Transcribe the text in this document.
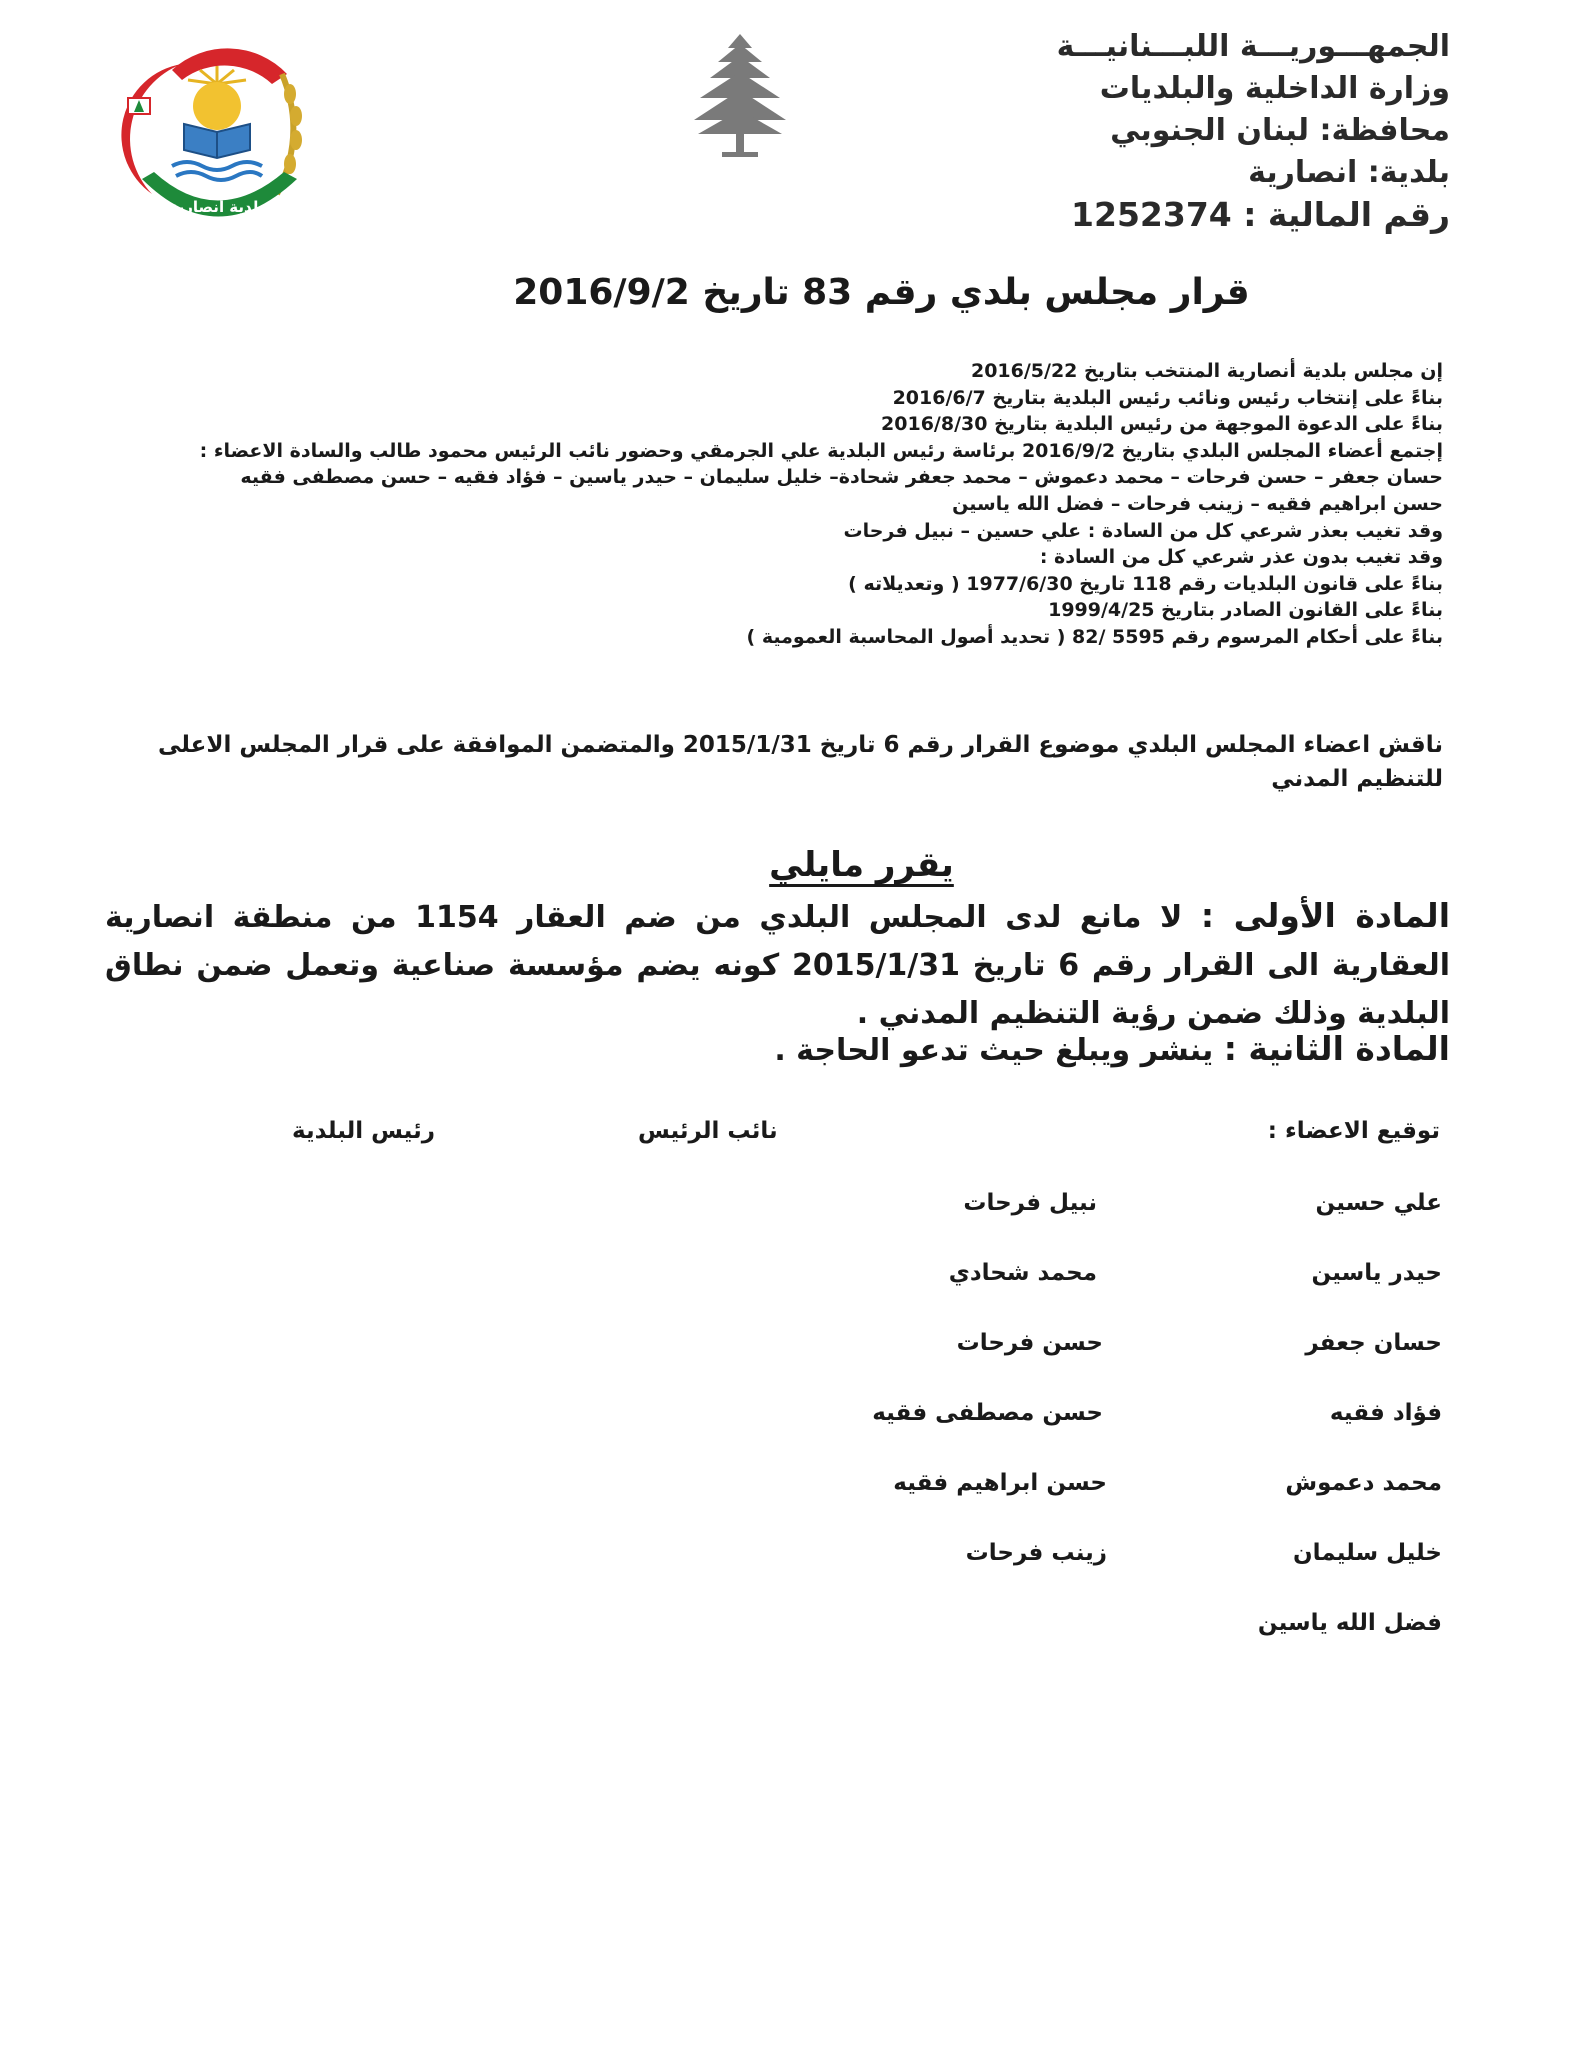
بلدية أنصارية
الجمهـــوريـــة اللبـــنانيـــة
وزارة الداخلية والبلديات
محافظة: لبنان الجنوبي
بلدية: انصارية
رقم المالية : 1252374
قرار مجلس بلدي رقم 83 تاريخ 2016/9/2
إن مجلس بلدية أنصارية المنتخب بتاريخ 2016/5/22
بناءً على إنتخاب رئيس ونائب رئيس البلدية بتاريخ 2016/6/7
بناءً على الدعوة الموجهة من رئيس البلدية بتاريخ 2016/8/30
إجتمع أعضاء المجلس البلدي بتاريخ 2016/9/2 برئاسة رئيس البلدية علي الجرمقي وحضور نائب الرئيس محمود طالب والسادة الاعضاء :
حسان جعفر – حسن فرحات – محمد دعموش – محمد جعفر شحادة– خليل سليمان – حيدر ياسين – فؤاد فقيه – حسن مصطفى فقيه
حسن ابراهيم فقيه – زينب فرحات – فضل الله ياسين
وقد تغيب بعذر شرعي كل من السادة : علي حسين – نبيل فرحات
وقد تغيب بدون عذر شرعي كل من السادة :
بناءً على قانون البلديات رقم 118 تاريخ 1977/6/30 ( وتعديلاته )
بناءً على القانون الصادر بتاريخ 1999/4/25
بناءً على أحكام المرسوم رقم 5595 /82 ( تحديد أصول المحاسبة العمومية )
ناقش اعضاء المجلس البلدي موضوع القرار رقم 6 تاريخ 2015/1/31 والمتضمن الموافقة على قرار المجلس الاعلى للتنظيم المدني
يقرر مايلي
المادة الأولى : لا مانع لدى المجلس البلدي من ضم العقار 1154 من منطقة انصارية العقارية الى القرار رقم 6 تاريخ 2015/1/31 كونه يضم مؤسسة صناعية وتعمل ضمن نطاق البلدية وذلك ضمن رؤية التنظيم المدني .
المادة الثانية : ينشر ويبلغ حيث تدعو الحاجة .
توقيع الاعضاء :
نائب الرئيس
رئيس البلدية
علي حسين
حيدر ياسين
حسان جعفر
فؤاد فقيه
محمد دعموش
خليل سليمان
فضل الله ياسين
نبيل فرحات
محمد شحادي
حسن فرحات
حسن مصطفى فقيه
حسن ابراهيم فقيه
زينب فرحات
